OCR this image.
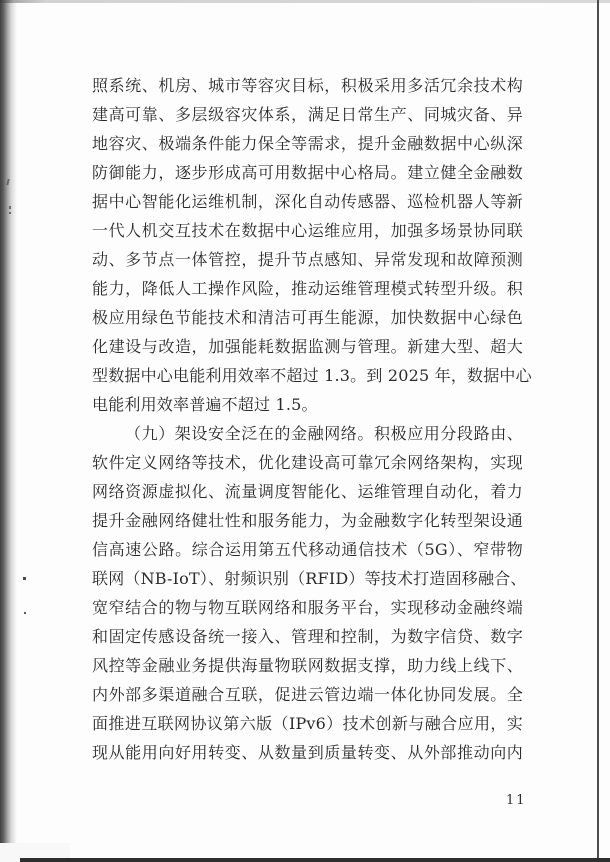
照系统、机房、城市等容灾目标，积极采用多活冗余技术构
建高可靠、多层级容灾体系，满足日常生产、同城灾备、异
地容灾、极端条件能力保全等需求，提升金融数据中心纵深
防御能力，逐步形成高可用数据中心格局。建立健全金融数
据中心智能化运维机制，深化自动传感器、巡检机器人等新
一代人机交互技术在数据中心运维应用，加强多场景协同联
动、多节点一体管控，提升节点感知、异常发现和故障预测
能力，降低人工操作风险，推动运维管理模式转型升级。积
极应用绿色节能技术和清洁可再生能源，加快数据中心绿色
化建设与改造，加强能耗数据监测与管理。新建大型、超大
型数据中心电能利用效率不超过 1.3。到 2025 年，数据中心
电能利用效率普遍不超过 1.5。
（九）架设安全泛在的金融网络。积极应用分段路由、
软件定义网络等技术，优化建设高可靠冗余网络架构，实现
网络资源虚拟化、流量调度智能化、运维管理自动化，着力
提升金融网络健壮性和服务能力，为金融数字化转型架设通
信高速公路。综合运用第五代移动通信技术（5G）、窄带物
联网（NB-IoT）、射频识别（RFID）等技术打造固移融合、
宽窄结合的物与物互联网络和服务平台，实现移动金融终端
和固定传感设备统一接入、管理和控制，为数字信贷、数字
风控等金融业务提供海量物联网数据支撑，助力线上线下、
内外部多渠道融合互联，促进云管边端一体化协同发展。全
面推进互联网协议第六版（IPv6）技术创新与融合应用，实
现从能用向好用转变、从数量到质量转变、从外部推动向内
11
